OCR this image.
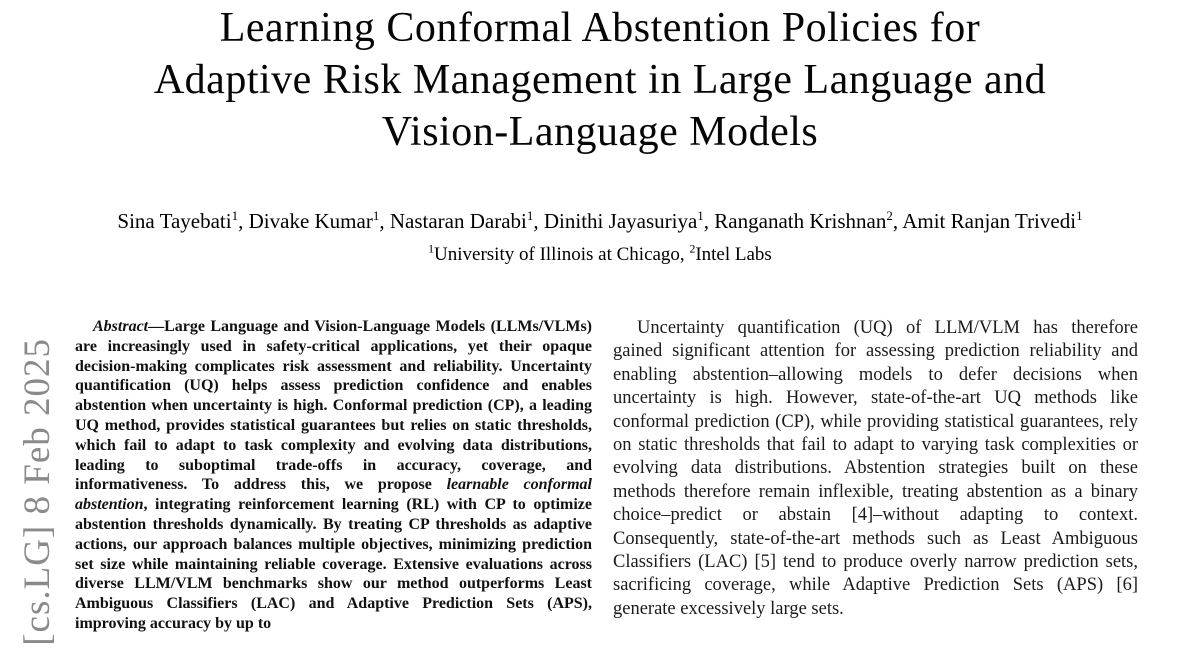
Learning Conformal Abstention Policies for
Adaptive Risk Management in Large Language and
Vision-Language Models
Sina Tayebati$^1$, Divake Kumar$^1$, Nastaran Darabi$^1$, Dinithi Jayasuriya$^1$, Ranganath Krishnan$^2$, Amit Ranjan Trivedi$^1$
$^1$University of Illinois at Chicago, $^2$Intel Labs

Abstract—Large Language and Vision-Language Models (LLMs/VLMs) are increasingly used in safety-critical applications, yet their opaque decision-making complicates risk assessment and reliability. Uncertainty quantification (UQ) helps assess prediction confidence and enables abstention when uncertainty is high. Conformal prediction (CP), a leading UQ method, provides statistical guarantees but relies on static thresholds, which fail to adapt to task complexity and evolving data distributions, leading to suboptimal trade-offs in accuracy, coverage, and informativeness. To address this, we propose learnable conformal abstention, integrating reinforcement learning (RL) with CP to optimize abstention thresholds dynamically. By treating CP thresholds as adaptive actions, our approach balances multiple objectives, minimizing prediction set size while maintaining reliable coverage. Extensive evaluations across diverse LLM/VLM benchmarks show our method outperforms Least Ambiguous Classifiers (LAC) and Adaptive Prediction Sets (APS), improving accuracy by up to

Uncertainty quantification (UQ) of LLM/VLM has therefore gained significant attention for assessing prediction reliability and enabling abstention–allowing models to defer decisions when uncertainty is high. However, state-of-the-art UQ methods like conformal prediction (CP), while providing statistical guarantees, rely on static thresholds that fail to adapt to varying task complexities or evolving data distributions. Abstention strategies built on these methods therefore remain inflexible, treating abstention as a binary choice–predict or abstain [4]–without adapting to context. Consequently, state-of-the-art methods such as Least Ambiguous Classifiers (LAC) [5] tend to produce overly narrow prediction sets, sacrificing coverage, while Adaptive Prediction Sets (APS) [6] generate excessively large sets.

[cs.LG] 8 Feb 2025
